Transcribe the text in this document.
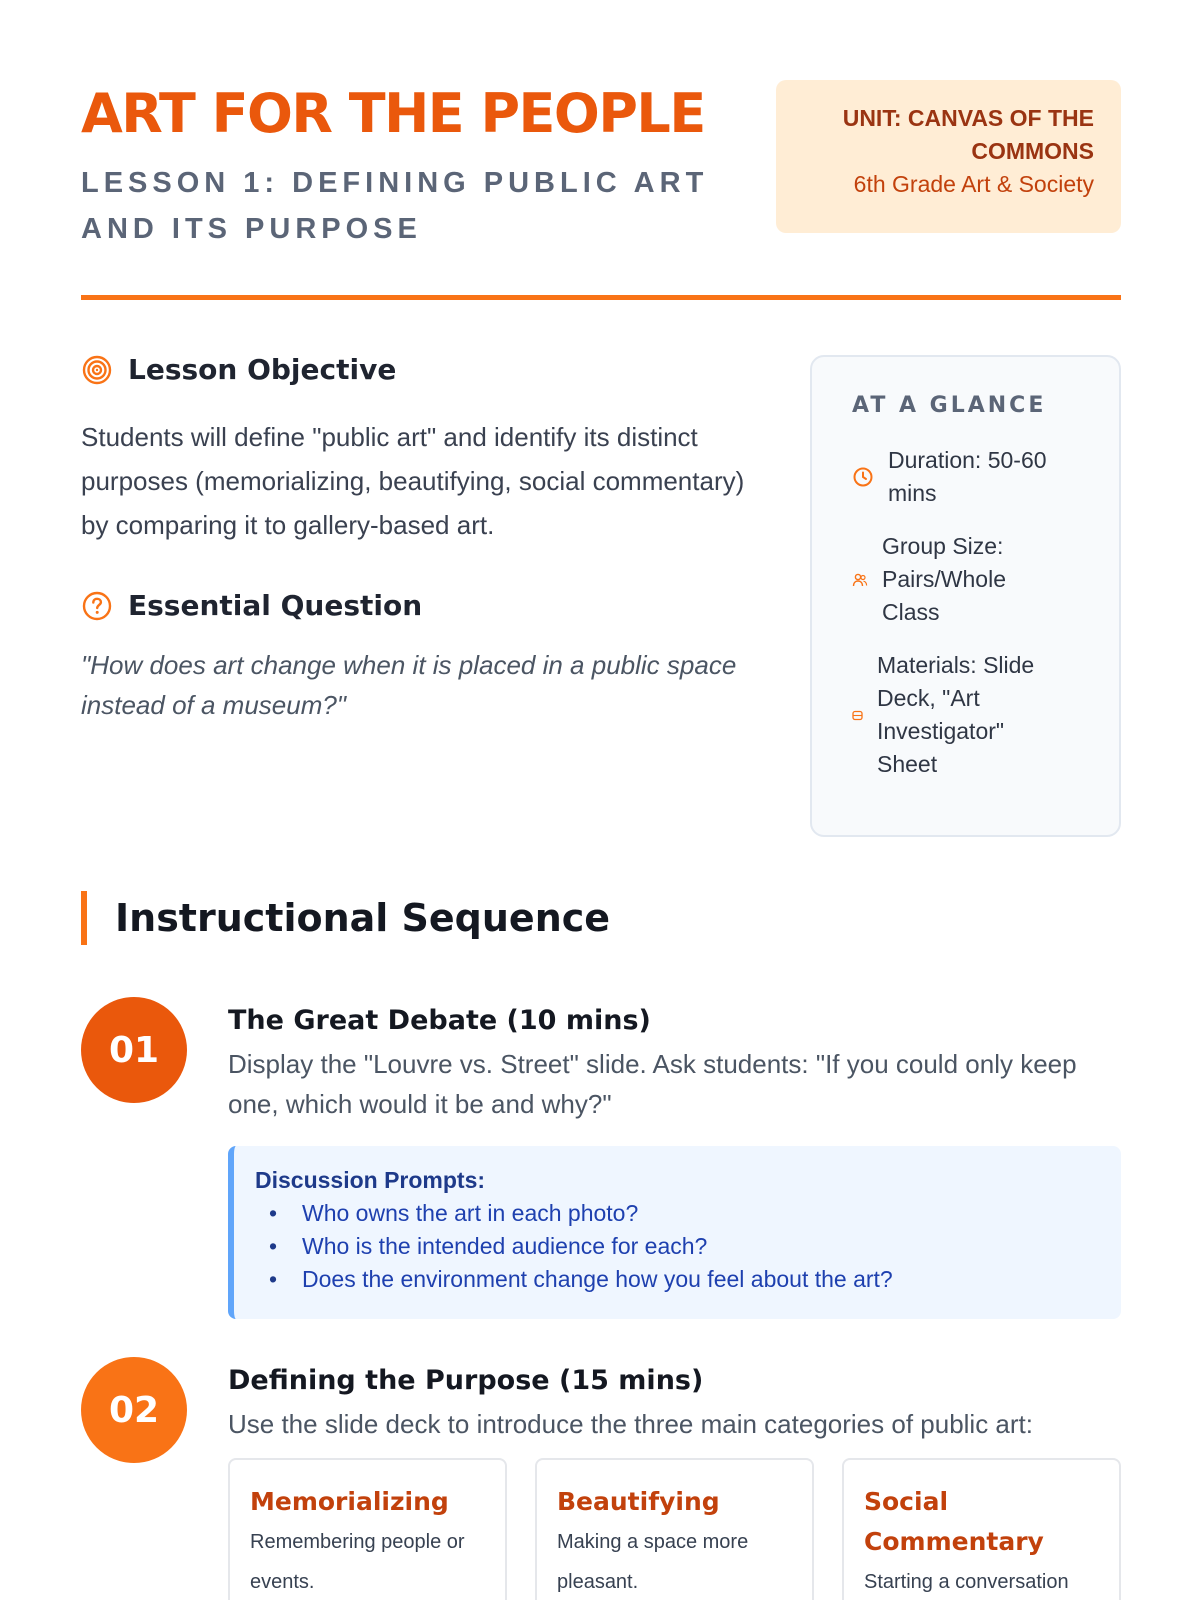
ART FOR THE PEOPLE
LESSON 1: DEFINING PUBLIC ART AND ITS PURPOSE
UNIT: CANVAS OF THE COMMONS
6th Grade Art & Society
Lesson Objective

Students will define "public art" and identify its distinct purposes (memorializing, beautifying, social commentary) by comparing it to gallery-based art.

Essential Question

"How does art change when it is placed in a public space instead of a museum?"

AT A GLANCE
Duration: 50-60 mins
Group Size: Pairs/Whole Class
Materials: Slide Deck, "Art Investigator" Sheet
Instructional Sequence
01
The Great Debate (10 mins)

Display the "Louvre vs. Street" slide. Ask students: "If you could only keep one, which would it be and why?"

Discussion Prompts:
• Who owns the art in each photo?
• Who is the intended audience for each?
• Does the environment change how you feel about the art?
02
Defining the Purpose (15 mins)

Use the slide deck to introduce the three main categories of public art:

Memorializing
Remembering people or events.
Beautifying
Making a space more pleasant.
Social Commentary
Starting a conversation
